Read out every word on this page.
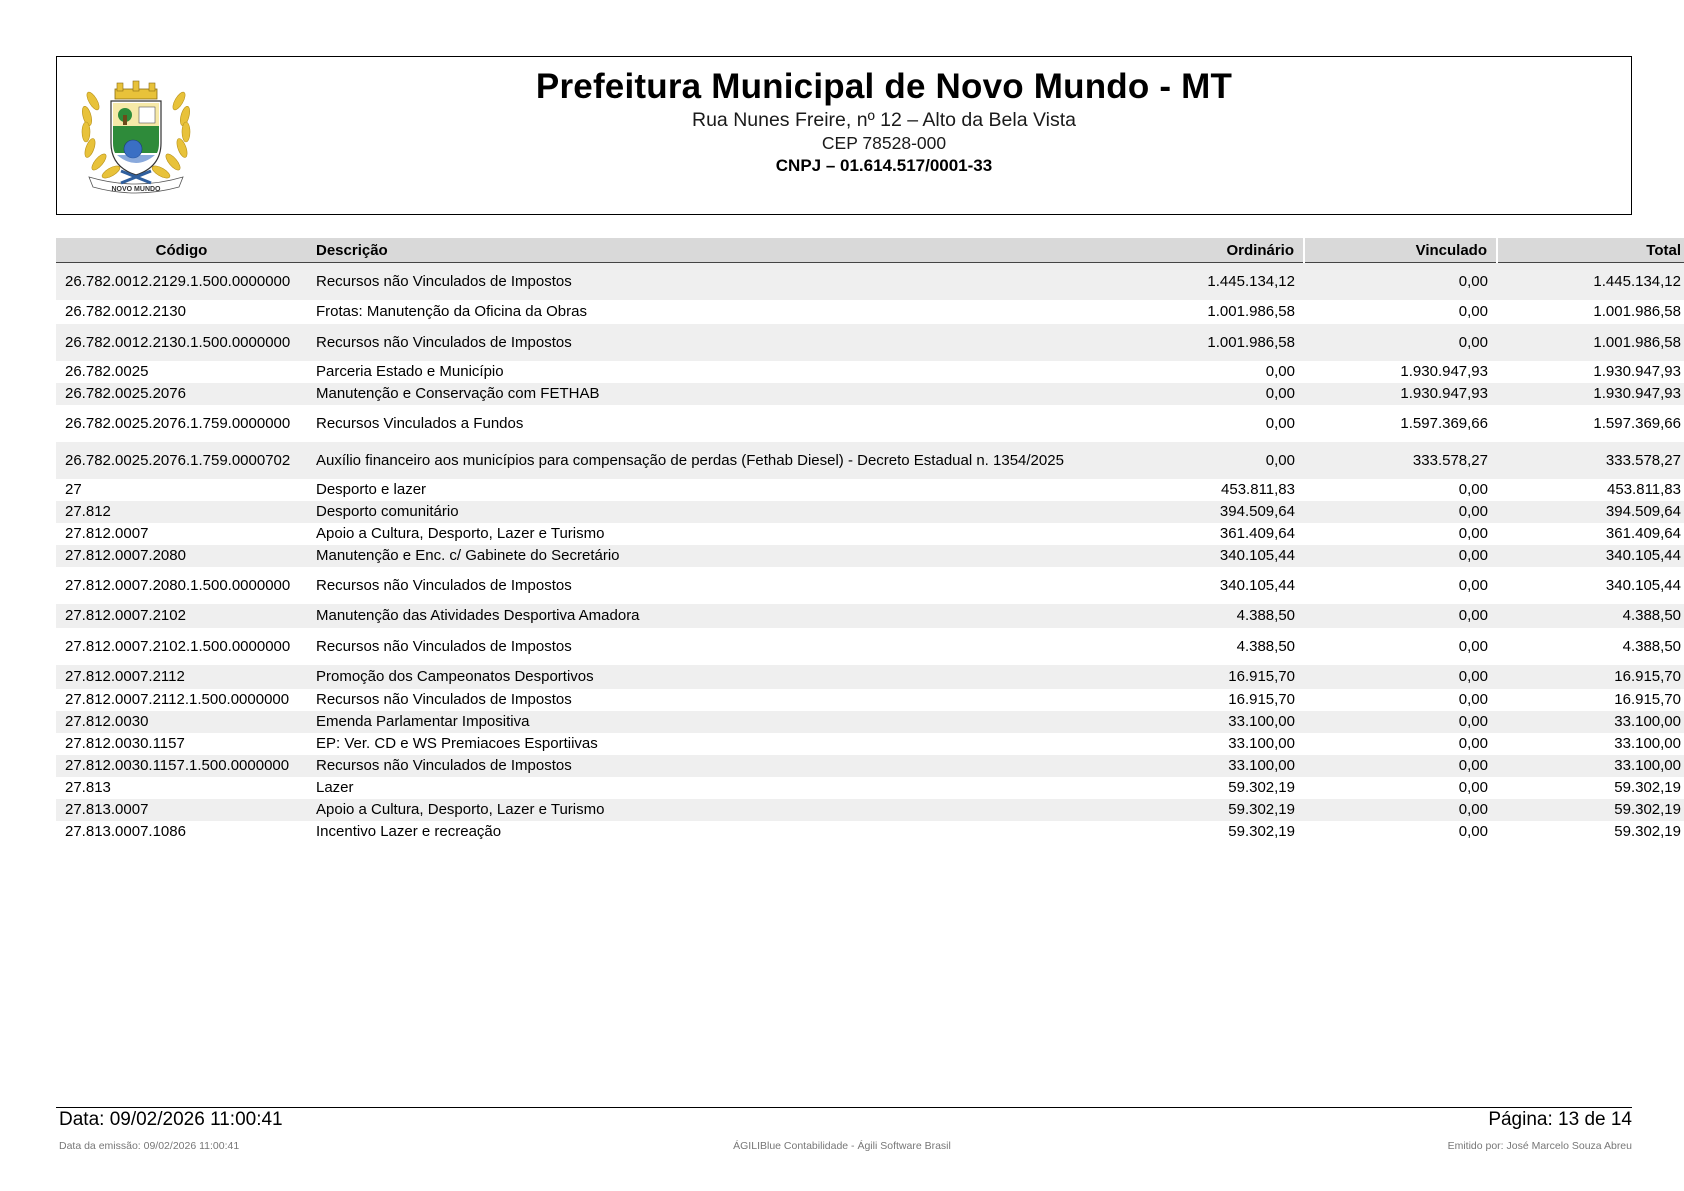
NOVO MUNDO
Prefeitura Municipal de Novo Mundo - MT
Rua Nunes Freire, nº 12 – Alto da Bela Vista
CEP 78528-000
CNPJ – 01.614.517/0001-33
Código	Descrição	Ordinário	Vinculado	Total
26.782.0012.2129.1.500.0000000	Recursos não Vinculados de Impostos	1.445.134,12	0,00	1.445.134,12
26.782.0012.2130	Frotas: Manutenção da Oficina da Obras	1.001.986,58	0,00	1.001.986,58
26.782.0012.2130.1.500.0000000	Recursos não Vinculados de Impostos	1.001.986,58	0,00	1.001.986,58
26.782.0025	Parceria Estado e Município	0,00	1.930.947,93	1.930.947,93
26.782.0025.2076	Manutenção e Conservação com FETHAB	0,00	1.930.947,93	1.930.947,93
26.782.0025.2076.1.759.0000000	Recursos Vinculados a Fundos	0,00	1.597.369,66	1.597.369,66
26.782.0025.2076.1.759.0000702	Auxílio financeiro aos municípios para compensação de perdas (Fethab Diesel) - Decreto Estadual n. 1354/2025	0,00	333.578,27	333.578,27
27	Desporto e lazer	453.811,83	0,00	453.811,83
27.812	Desporto comunitário	394.509,64	0,00	394.509,64
27.812.0007	Apoio a Cultura, Desporto, Lazer e Turismo	361.409,64	0,00	361.409,64
27.812.0007.2080	Manutenção e Enc. c/ Gabinete do Secretário	340.105,44	0,00	340.105,44
27.812.0007.2080.1.500.0000000	Recursos não Vinculados de Impostos	340.105,44	0,00	340.105,44
27.812.0007.2102	Manutenção das Atividades Desportiva Amadora	4.388,50	0,00	4.388,50
27.812.0007.2102.1.500.0000000	Recursos não Vinculados de Impostos	4.388,50	0,00	4.388,50
27.812.0007.2112	Promoção dos Campeonatos Desportivos	16.915,70	0,00	16.915,70
27.812.0007.2112.1.500.0000000	Recursos não Vinculados de Impostos	16.915,70	0,00	16.915,70
27.812.0030	Emenda Parlamentar Impositiva	33.100,00	0,00	33.100,00
27.812.0030.1157	EP: Ver. CD e WS Premiacoes Esportiivas	33.100,00	0,00	33.100,00
27.812.0030.1157.1.500.0000000	Recursos não Vinculados de Impostos	33.100,00	0,00	33.100,00
27.813	Lazer	59.302,19	0,00	59.302,19
27.813.0007	Apoio a Cultura, Desporto, Lazer e Turismo	59.302,19	0,00	59.302,19
27.813.0007.1086	Incentivo Lazer e recreação	59.302,19	0,00	59.302,19
Data: 09/02/2026 11:00:41	Página: 13 de 14
Data da emissão: 09/02/2026 11:00:41	ÁGILIBlue Contabilidade - Ágili Software Brasil	Emitido por: José Marcelo Souza Abreu
